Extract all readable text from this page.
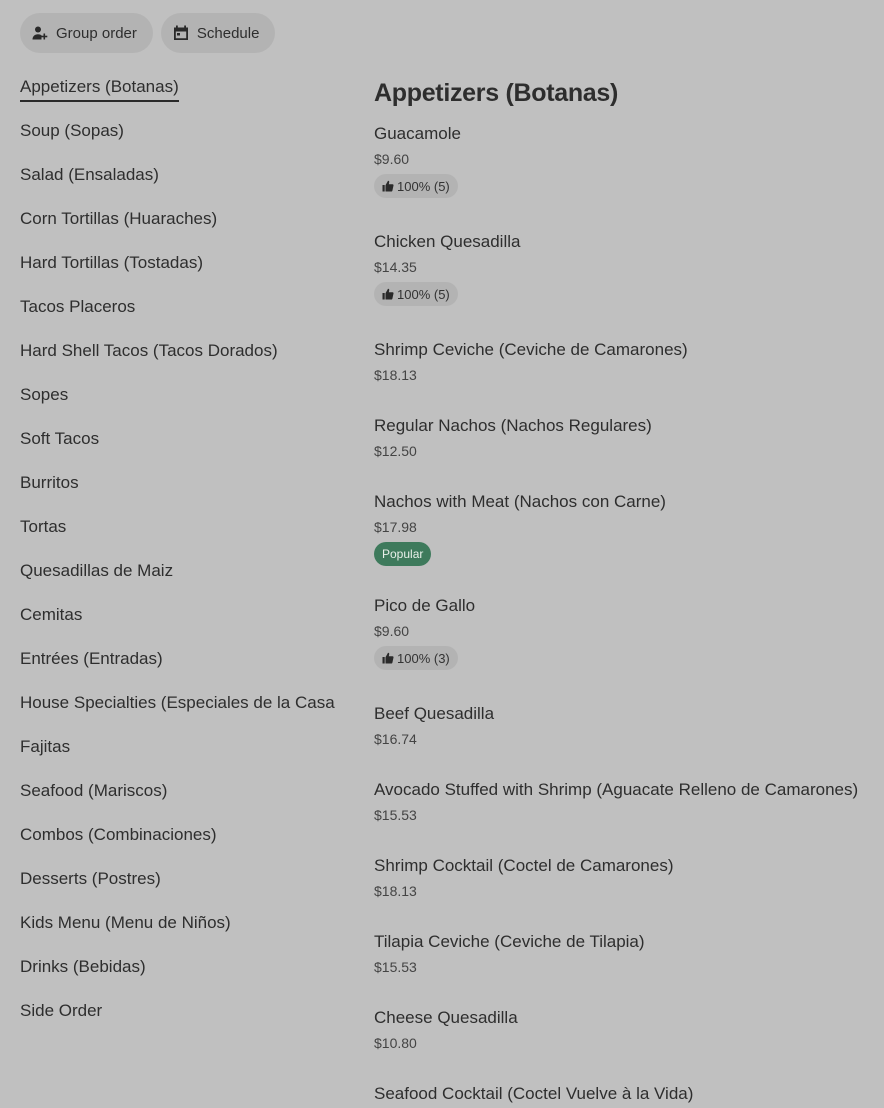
Group order	Schedule
Appetizers (Botanas)
Soup (Sopas)
Salad (Ensaladas)
Corn Tortillas (Huaraches)
Hard Tortillas (Tostadas)
Tacos Placeros
Hard Shell Tacos (Tacos Dorados)
Sopes
Soft Tacos
Burritos
Tortas
Quesadillas de Maiz
Cemitas
Entrées (Entradas)
House Specialties (Especiales de la Casa
Fajitas
Seafood (Mariscos)
Combos (Combinaciones)
Desserts (Postres)
Kids Menu (Menu de Niños)
Drinks (Bebidas)
Side Order
Appetizers (Botanas)
Guacamole
$9.60
100% (5)
Chicken Quesadilla
$14.35
100% (5)
Shrimp Ceviche (Ceviche de Camarones)
$18.13
Regular Nachos (Nachos Regulares)
$12.50
Nachos with Meat (Nachos con Carne)
$17.98
Popular
Pico de Gallo
$9.60
100% (3)
Beef Quesadilla
$16.74
Avocado Stuffed with Shrimp (Aguacate Relleno de Camarones)
$15.53
Shrimp Cocktail (Coctel de Camarones)
$18.13
Tilapia Ceviche (Ceviche de Tilapia)
$15.53
Cheese Quesadilla
$10.80
Seafood Cocktail (Coctel Vuelve à la Vida)
